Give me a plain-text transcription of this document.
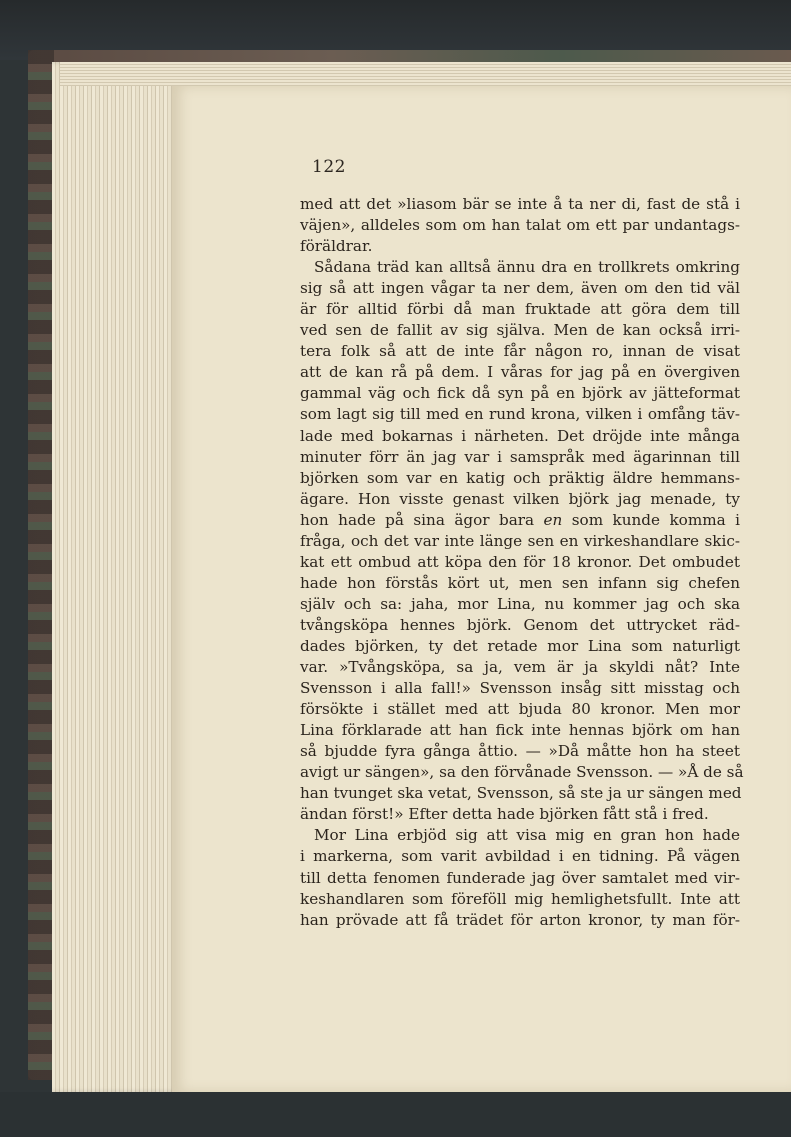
122
med att det »liasom bär se inte å ta ner di, fast de stå i
väjen», alldeles som om han talat om ett par undantags-
föräldrar.
Sådana träd kan alltså ännu dra en trollkrets omkring
sig så att ingen vågar ta ner dem, även om den tid väl
är för alltid förbi då man fruktade att göra dem till
ved sen de fallit av sig själva. Men de kan också irri-
tera folk så att de inte får någon ro, innan de visat
att de kan rå på dem. I våras for jag på en övergiven
gammal väg och fick då syn på en björk av jätteformat
som lagt sig till med en rund krona, vilken i omfång täv-
lade med bokarnas i närheten. Det dröjde inte många
minuter förr än jag var i samspråk med ägarinnan till
björken som var en katig och präktig äldre hemmans-
ägare. Hon visste genast vilken björk jag menade, ty
hon hade på sina ägor bara en som kunde komma i
fråga, och det var inte länge sen en virkeshandlare skic-
kat ett ombud att köpa den för 18 kronor. Det ombudet
hade hon förstås kört ut, men sen infann sig chefen
själv och sa: jaha, mor Lina, nu kommer jag och ska
tvångsköpa hennes björk. Genom det uttrycket räd-
dades björken, ty det retade mor Lina som naturligt
var. »Tvångsköpa, sa ja, vem är ja skyldi nåt? Inte
Svensson i alla fall!» Svensson insåg sitt misstag och
försökte i stället med att bjuda 80 kronor. Men mor
Lina förklarade att han fick inte hennas björk om han
så bjudde fyra gånga åttio. — »Då måtte hon ha steet
avigt ur sängen», sa den förvånade Svensson. — »Å de så
han tvunget ska vetat, Svensson, så ste ja ur sängen med
ändan först!» Efter detta hade björken fått stå i fred.
Mor Lina erbjöd sig att visa mig en gran hon hade
i markerna, som varit avbildad i en tidning. På vägen
till detta fenomen funderade jag över samtalet med vir-
keshandlaren som föreföll mig hemlighetsfullt. Inte att
han prövade att få trädet för arton kronor, ty man för-
